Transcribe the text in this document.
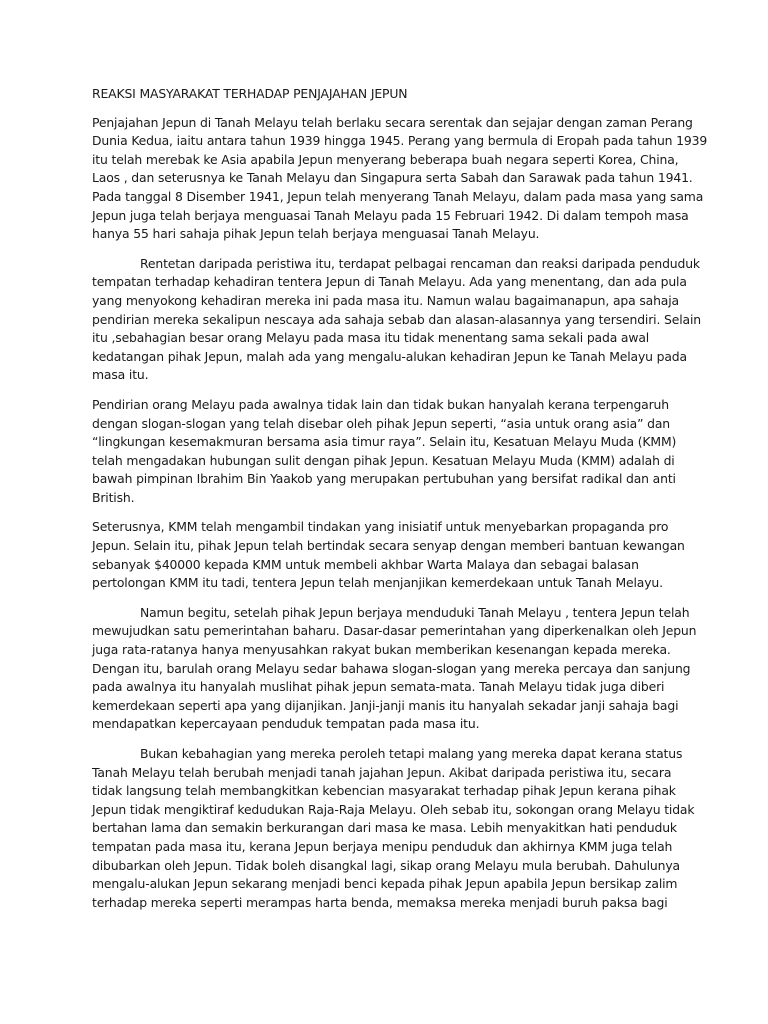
REAKSI MASYARAKAT TERHADAP PENJAJAHAN JEPUN
Penjajahan Jepun di Tanah Melayu telah berlaku secara serentak dan sejajar dengan zaman Perang
Dunia Kedua, iaitu antara tahun 1939 hingga 1945. Perang yang bermula di Eropah pada tahun 1939
itu telah merebak ke Asia apabila Jepun menyerang beberapa buah negara seperti Korea, China,
Laos , dan seterusnya ke Tanah Melayu dan Singapura serta Sabah dan Sarawak pada tahun 1941.
Pada tanggal 8 Disember 1941, Jepun telah menyerang Tanah Melayu, dalam pada masa yang sama
Jepun juga telah berjaya menguasai Tanah Melayu pada 15 Februari 1942. Di dalam tempoh masa
hanya 55 hari sahaja pihak Jepun telah berjaya menguasai Tanah Melayu.
Rentetan daripada peristiwa itu, terdapat pelbagai rencaman dan reaksi daripada penduduk
tempatan terhadap kehadiran tentera Jepun di Tanah Melayu. Ada yang menentang, dan ada pula
yang menyokong kehadiran mereka ini pada masa itu. Namun walau bagaimanapun, apa sahaja
pendirian mereka sekalipun nescaya ada sahaja sebab dan alasan-alasannya yang tersendiri. Selain
itu ,sebahagian besar orang Melayu pada masa itu tidak menentang sama sekali pada awal
kedatangan pihak Jepun, malah ada yang mengalu-alukan kehadiran Jepun ke Tanah Melayu pada
masa itu.
Pendirian orang Melayu pada awalnya tidak lain dan tidak bukan hanyalah kerana terpengaruh
dengan slogan-slogan yang telah disebar oleh pihak Jepun seperti, “asia untuk orang asia” dan
“lingkungan kesemakmuran bersama asia timur raya”. Selain itu, Kesatuan Melayu Muda (KMM)
telah mengadakan hubungan sulit dengan pihak Jepun. Kesatuan Melayu Muda (KMM) adalah di
bawah pimpinan Ibrahim Bin Yaakob yang merupakan pertubuhan yang bersifat radikal dan anti
British.
Seterusnya, KMM telah mengambil tindakan yang inisiatif untuk menyebarkan propaganda pro
Jepun. Selain itu, pihak Jepun telah bertindak secara senyap dengan memberi bantuan kewangan
sebanyak $40000 kepada KMM untuk membeli akhbar Warta Malaya dan sebagai balasan
pertolongan KMM itu tadi, tentera Jepun telah menjanjikan kemerdekaan untuk Tanah Melayu.
Namun begitu, setelah pihak Jepun berjaya menduduki Tanah Melayu , tentera Jepun telah
mewujudkan satu pemerintahan baharu. Dasar-dasar pemerintahan yang diperkenalkan oleh Jepun
juga rata-ratanya hanya menyusahkan rakyat bukan memberikan kesenangan kepada mereka.
Dengan itu, barulah orang Melayu sedar bahawa slogan-slogan yang mereka percaya dan sanjung
pada awalnya itu hanyalah muslihat pihak jepun semata-mata. Tanah Melayu tidak juga diberi
kemerdekaan seperti apa yang dijanjikan. Janji-janji manis itu hanyalah sekadar janji sahaja bagi
mendapatkan kepercayaan penduduk tempatan pada masa itu.
Bukan kebahagian yang mereka peroleh tetapi malang yang mereka dapat kerana status
Tanah Melayu telah berubah menjadi tanah jajahan Jepun. Akibat daripada peristiwa itu, secara
tidak langsung telah membangkitkan kebencian masyarakat terhadap pihak Jepun kerana pihak
Jepun tidak mengiktiraf kedudukan Raja-Raja Melayu. Oleh sebab itu, sokongan orang Melayu tidak
bertahan lama dan semakin berkurangan dari masa ke masa. Lebih menyakitkan hati penduduk
tempatan pada masa itu, kerana Jepun berjaya menipu penduduk dan akhirnya KMM juga telah
dibubarkan oleh Jepun. Tidak boleh disangkal lagi, sikap orang Melayu mula berubah. Dahulunya
mengalu-alukan Jepun sekarang menjadi benci kepada pihak Jepun apabila Jepun bersikap zalim
terhadap mereka seperti merampas harta benda, memaksa mereka menjadi buruh paksa bagi
